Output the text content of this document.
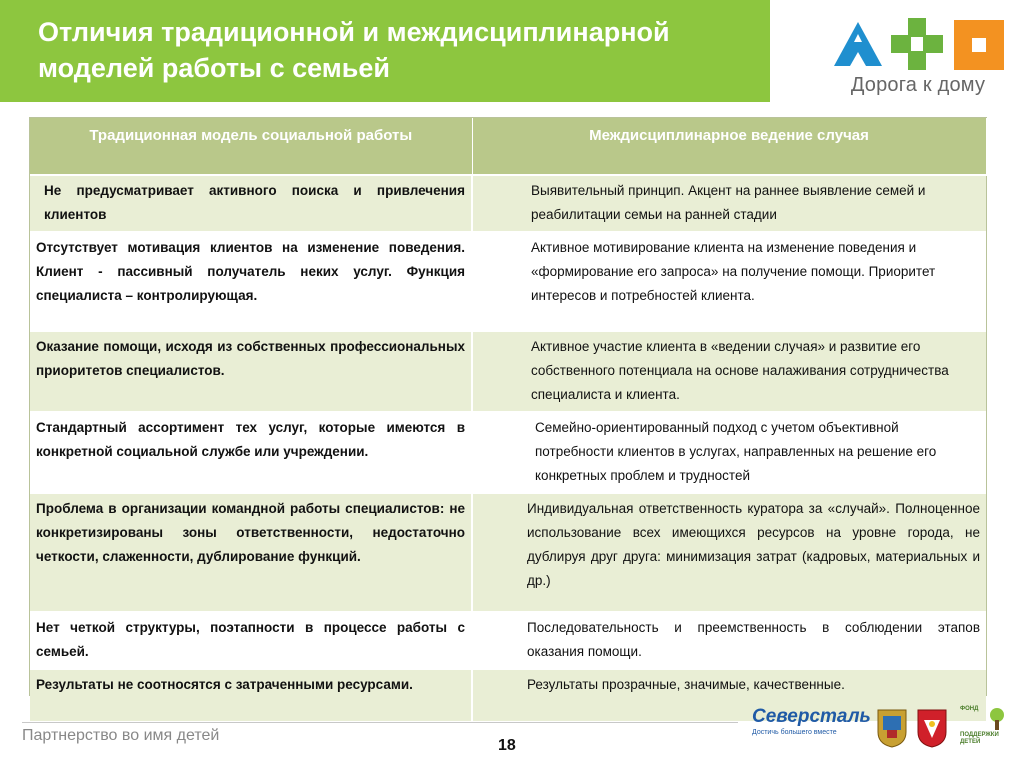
Отличия традиционной и междисциплинарной
моделей работы с семьей
Дорога к дому
Традиционная модель социальной работы	Междисциплинарное ведение случая
Не предусматривает активного поиска и привлечения клиентов	Выявительный принцип. Акцент на раннее выявление семей и реабилитации семьи на ранней стадии
Отсутствует мотивация клиентов на изменение поведения. Клиент - пассивный получатель неких услуг. Функция специалиста – контролирующая.	Активное мотивирование клиента на изменение поведения и «формирование его запроса» на получение помощи. Приоритет интересов и потребностей клиента.
Оказание помощи, исходя из собственных профессиональных приоритетов специалистов.	Активное участие клиента в «ведении случая» и развитие его собственного потенциала на основе налаживания сотрудничества специалиста и клиента.
Стандартный ассортимент тех услуг, которые имеются в конкретной социальной службе или учреждении.	Семейно-ориентированный подход с учетом объективной потребности клиентов в услугах, направленных на решение его конкретных проблем и трудностей
Проблема в организации командной работы специалистов: не конкретизированы зоны ответственности, недостаточно четкости, слаженности, дублирование функций.	Индивидуальная ответственность куратора за «случай». Полноценное использование всех имеющихся ресурсов на уровне города, не дублируя друг друга: минимизация затрат (кадровых, материальных и др.)
Нет четкой структуры, поэтапности в процессе работы с семьей.	Последовательность и преемственность в соблюдении этапов оказания помощи.
Результаты не соотносятся с затраченными ресурсами.	Результаты прозрачные, значимые, качественные.
Партнерство во имя детей
18
Северсталь
Достичь большего вместе
ФОНД ПОДДЕРЖКИ ДЕТЕЙ
